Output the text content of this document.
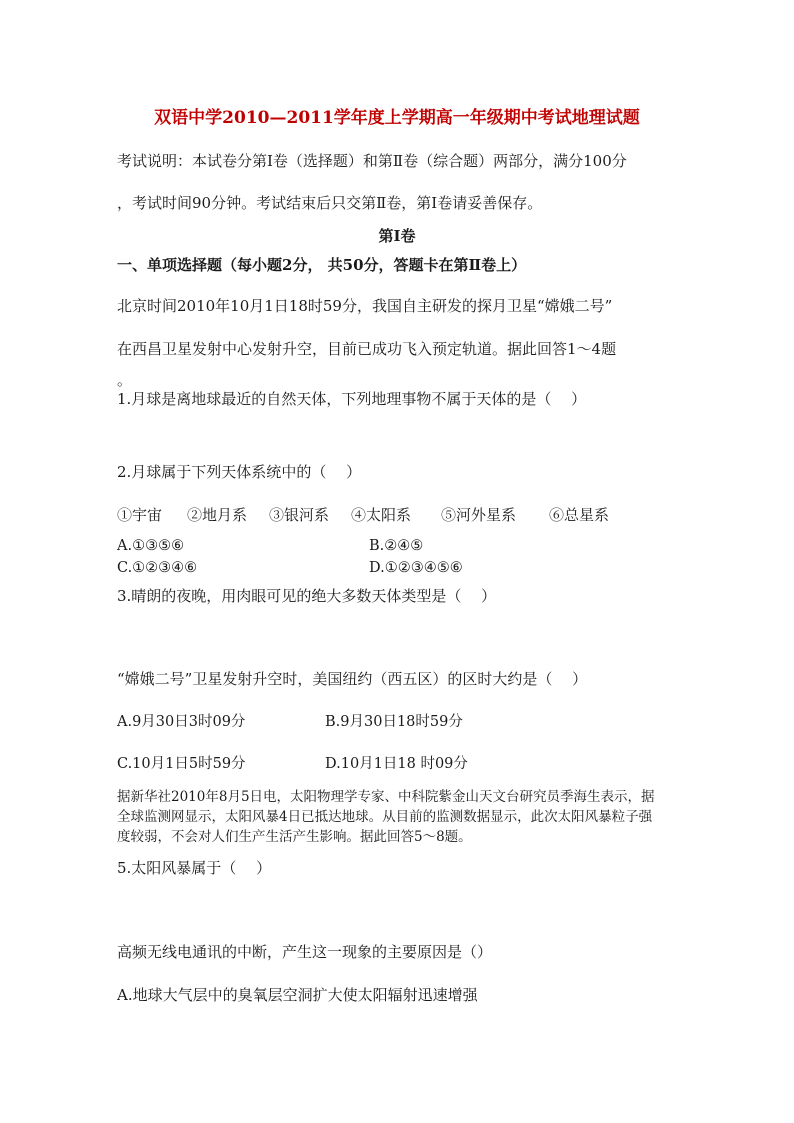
双语中学2010—2011学年度上学期高一年级期中考试地理试题
考试说明：本试卷分第Ⅰ卷（选择题）和第Ⅱ卷（综合题）两部分，满分100分
，考试时间90分钟。考试结束后只交第Ⅱ卷，第Ⅰ卷请妥善保存。
第Ⅰ卷
一、单项选择题（每小题2分， 共50分，答题卡在第Ⅱ卷上）
北京时间2010年10月1日18时59分，我国自主研发的探月卫星“嫦娥二号”
在西昌卫星发射中心发射升空，目前已成功飞入预定轨道。据此回答1～4题
。
1.月球是离地球最近的自然天体，下列地理事物不属于天体的是（　 ）
2.月球属于下列天体系统中的（　 ）
①宇宙	②地月系	③银河系	④太阳系	⑤河外星系	⑥总星系
A.①③⑤⑥	B.②④⑤
C.①②③④⑥	D.①②③④⑤⑥
3.晴朗的夜晚，用肉眼可见的绝大多数天体类型是（　 ）
“嫦娥二号”卫星发射升空时，美国纽约（西五区）的区时大约是（　 ）
A.9月30日3时09分	B.9月30日18时59分
C.10月1日5时59分	D.10月1日18 时09分
据新华社2010年8月5日电，太阳物理学专家、中科院紫金山天文台研究员季海生表示，据
全球监测网显示，太阳风暴4日已抵达地球。从目前的监测数据显示，此次太阳风暴粒子强
度较弱，不会对人们生产生活产生影响。据此回答5～8题。
5.太阳风暴属于（　 ）
高频无线电通讯的中断，产生这一现象的主要原因是（）
A.地球大气层中的臭氧层空洞扩大使太阳辐射迅速增强
